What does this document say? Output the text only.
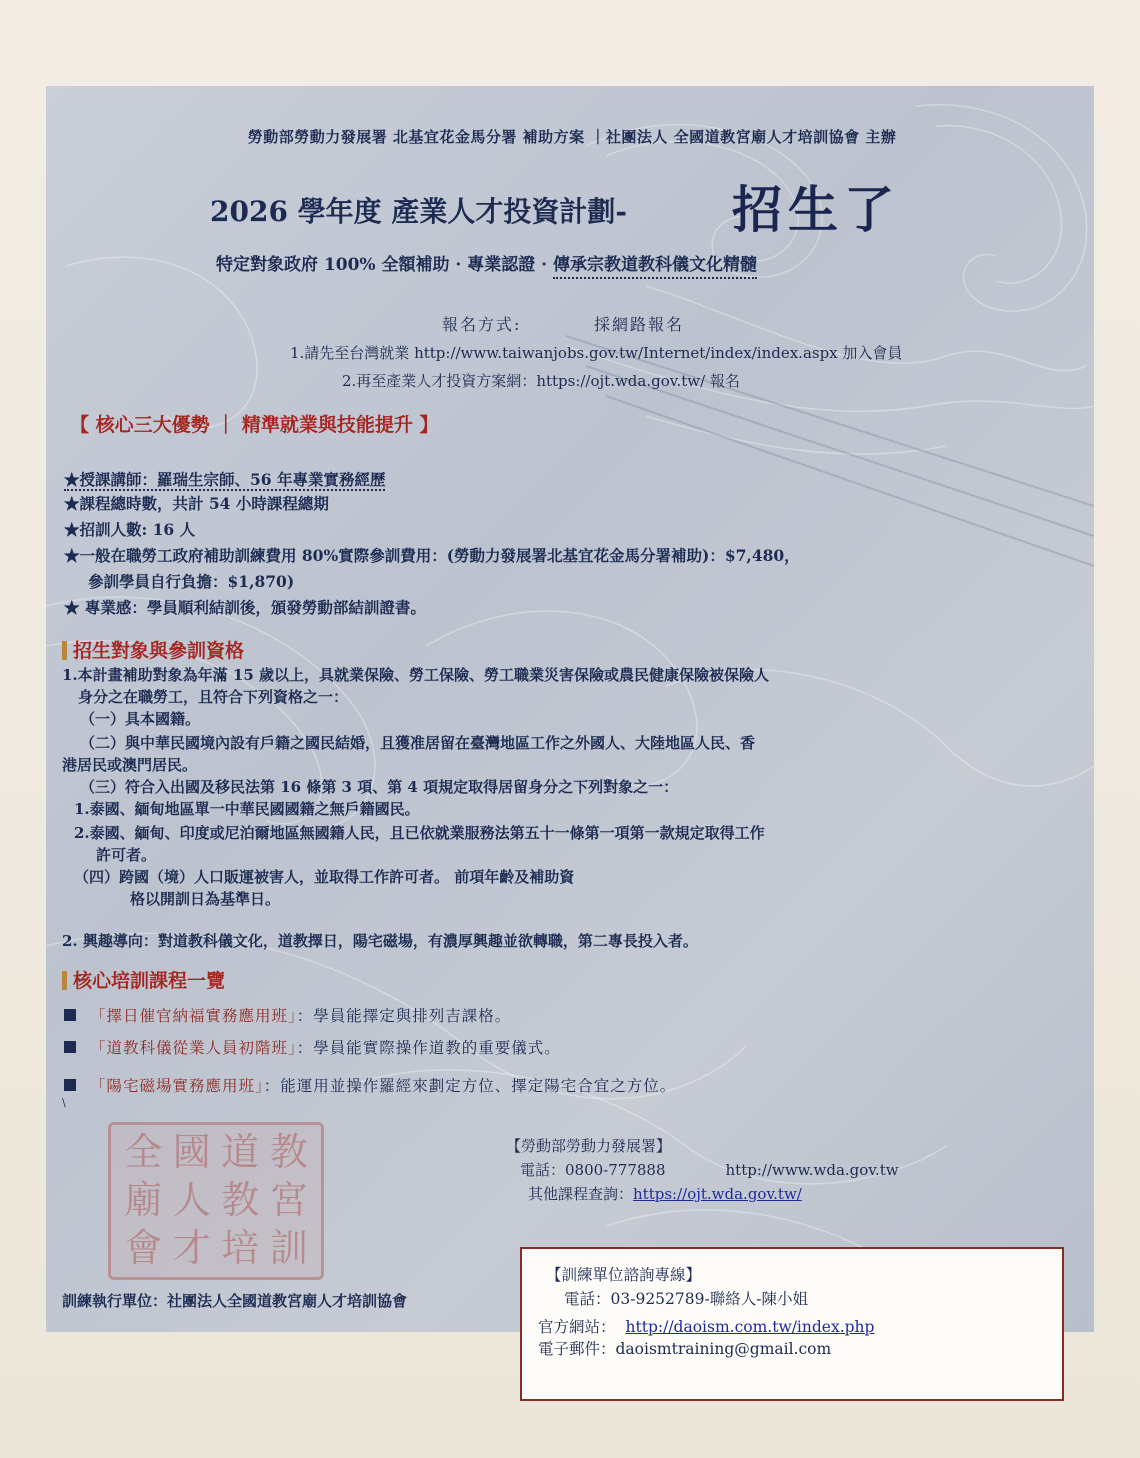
勞動部勞動力發展署 北基宜花金馬分署 補助方案 ｜社團法人 全國道教宮廟人才培訓協會 主辦
2026 學年度 產業人才投資計劃- 招生了
特定對象政府 100% 全額補助 · 專業認證 · 傳承宗教道教科儀文化精髓
報名方式:	採網路報名
1.請先至台灣就業 http://www.taiwanjobs.gov.tw/Internet/index/index.aspx 加入會員
2.再至產業人才投資方案網：https://ojt.wda.gov.tw/ 報名
【 核心三大優勢 ｜ 精準就業與技能提升 】
★授課講師：羅瑞生宗師、56 年專業實務經歷
★課程總時數，共計 54 小時課程總期
★招訓人數: 16 人
★一般在職勞工政府補助訓練費用 80%實際參訓費用：(勞動力發展署北基宜花金馬分署補助)：$7,480，
參訓學員自行負擔：$1,870)
★ 專業感：學員順利結訓後，頒發勞動部結訓證書。
招生對象與參訓資格
1.本計畫補助對象為年滿 15 歲以上，具就業保險、勞工保險、勞工職業災害保險或農民健康保險被保險人
身分之在職勞工，且符合下列資格之一：
（一）具本國籍。
（二）與中華民國境內設有戶籍之國民結婚，且獲准居留在臺灣地區工作之外國人、大陸地區人民、香
港居民或澳門居民。
（三）符合入出國及移民法第 16 條第 3 項、第 4 項規定取得居留身分之下列對象之一：
1.泰國、緬甸地區單一中華民國國籍之無戶籍國民。
2.泰國、緬甸、印度或尼泊爾地區無國籍人民，且已依就業服務法第五十一條第一項第一款規定取得工作
許可者。
（四）跨國（境）人口販運被害人，並取得工作許可者。 前項年齡及補助資
格以開訓日為基準日。
2. 興趣導向：對道教科儀文化，道教擇日，陽宅磁場，有濃厚興趣並欲轉職，第二專長投入者。
核心培訓課程一覽
「擇日催官納福實務應用班」：學員能擇定與排列吉課格。
「道教科儀從業人員初階班」：學員能實際操作道教的重要儀式。
「陽宅磁場實務應用班」：能運用並操作羅經來劃定方位、擇定陽宅合宜之方位。
\
全 國 道 教
廟 人 教 宮
會 才 培 訓
【勞動部勞動力發展署】
電話：0800-777888	http://www.wda.gov.tw
其他課程查詢：https://ojt.wda.gov.tw/
訓練執行單位：社團法人全國道教宮廟人才培訓協會
【訓練單位諮詢專線】
電話：03-9252789-聯絡人-陳小姐
官方網站： http://daoism.com.tw/index.php
電子郵件：daoismtraining@gmail.com
